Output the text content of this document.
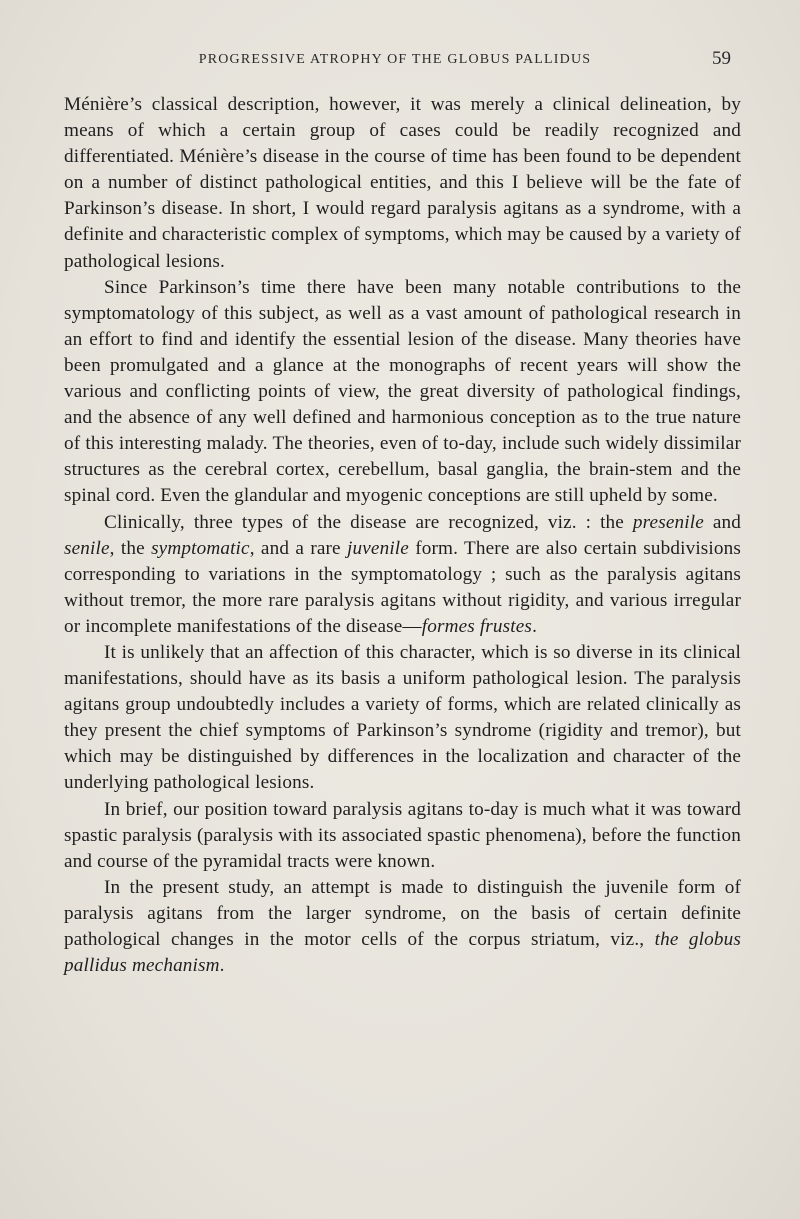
PROGRESSIVE ATROPHY OF THE GLOBUS PALLIDUS	59

Ménière’s classical description, however, it was merely a clinical delineation, by means of which a certain group of cases could be readily recognized and differentiated. Ménière’s disease in the course of time has been found to be dependent on a number of distinct pathological entities, and this I believe will be the fate of Parkinson’s disease. In short, I would regard paralysis agitans as a syndrome, with a definite and characteristic complex of symptoms, which may be caused by a variety of pathological lesions.

Since Parkinson’s time there have been many notable contributions to the symptomatology of this subject, as well as a vast amount of pathological research in an effort to find and identify the essential lesion of the disease. Many theories have been promulgated and a glance at the monographs of recent years will show the various and conflicting points of view, the great diversity of pathological findings, and the absence of any well defined and harmonious conception as to the true nature of this interesting malady. The theories, even of to-day, include such widely dissimilar structures as the cerebral cortex, cerebellum, basal ganglia, the brain-stem and the spinal cord. Even the glandular and myogenic conceptions are still upheld by some.

Clinically, three types of the disease are recognized, viz. : the presenile and senile, the symptomatic, and a rare juvenile form. There are also certain subdivisions corresponding to variations in the symptomatology ; such as the paralysis agitans without tremor, the more rare paralysis agitans without rigidity, and various irregular or incomplete manifestations of the disease—formes frustes.

It is unlikely that an affection of this character, which is so diverse in its clinical manifestations, should have as its basis a uniform pathological lesion. The paralysis agitans group undoubtedly includes a variety of forms, which are related clinically as they present the chief symptoms of Parkinson’s syndrome (rigidity and tremor), but which may be distinguished by differences in the localization and character of the underlying pathological lesions.

In brief, our position toward paralysis agitans to-day is much what it was toward spastic paralysis (paralysis with its associated spastic phenomena), before the function and course of the pyramidal tracts were known.

In the present study, an attempt is made to distinguish the juvenile form of paralysis agitans from the larger syndrome, on the basis of certain definite pathological changes in the motor cells of the corpus striatum, viz., the globus pallidus mechanism.
